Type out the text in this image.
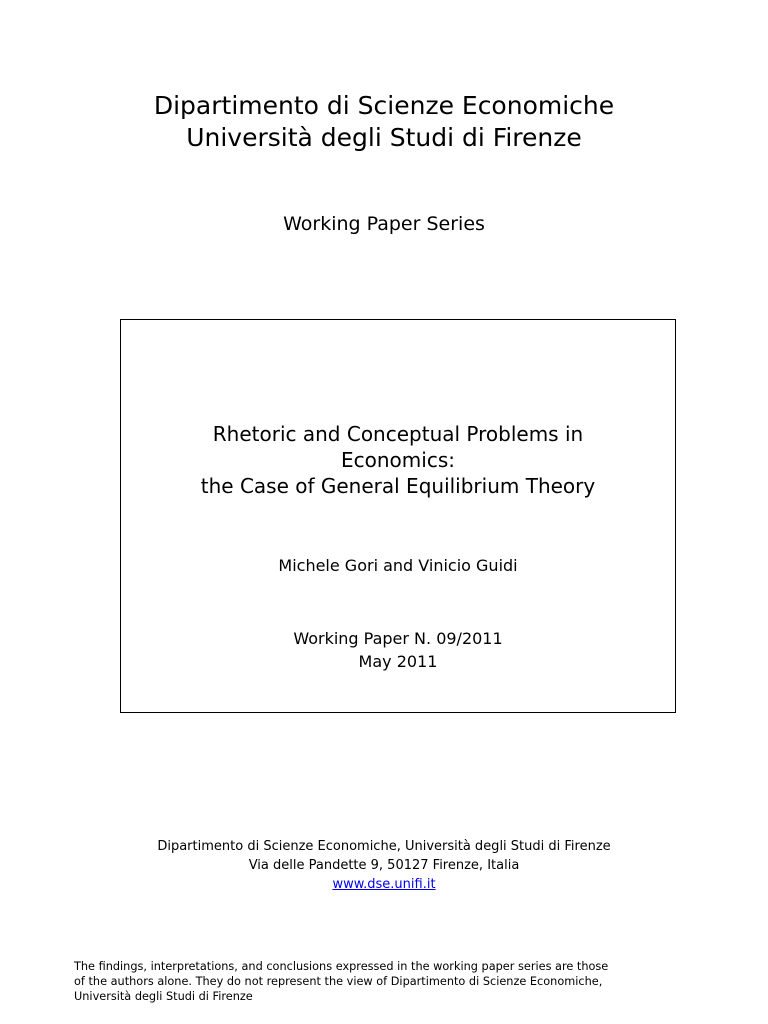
Dipartimento di Scienze Economiche
Università degli Studi di Firenze
Working Paper Series
Rhetoric and Conceptual Problems in
Economics:
the Case of General Equilibrium Theory
Michele Gori and Vinicio Guidi
Working Paper N. 09/2011
May 2011
Dipartimento di Scienze Economiche, Università degli Studi di Firenze
Via delle Pandette 9, 50127 Firenze, Italia
www.dse.unifi.it
The findings, interpretations, and conclusions expressed in the working paper series are those
of the authors alone. They do not represent the view of Dipartimento di Scienze Economiche,
Università degli Studi di Firenze
